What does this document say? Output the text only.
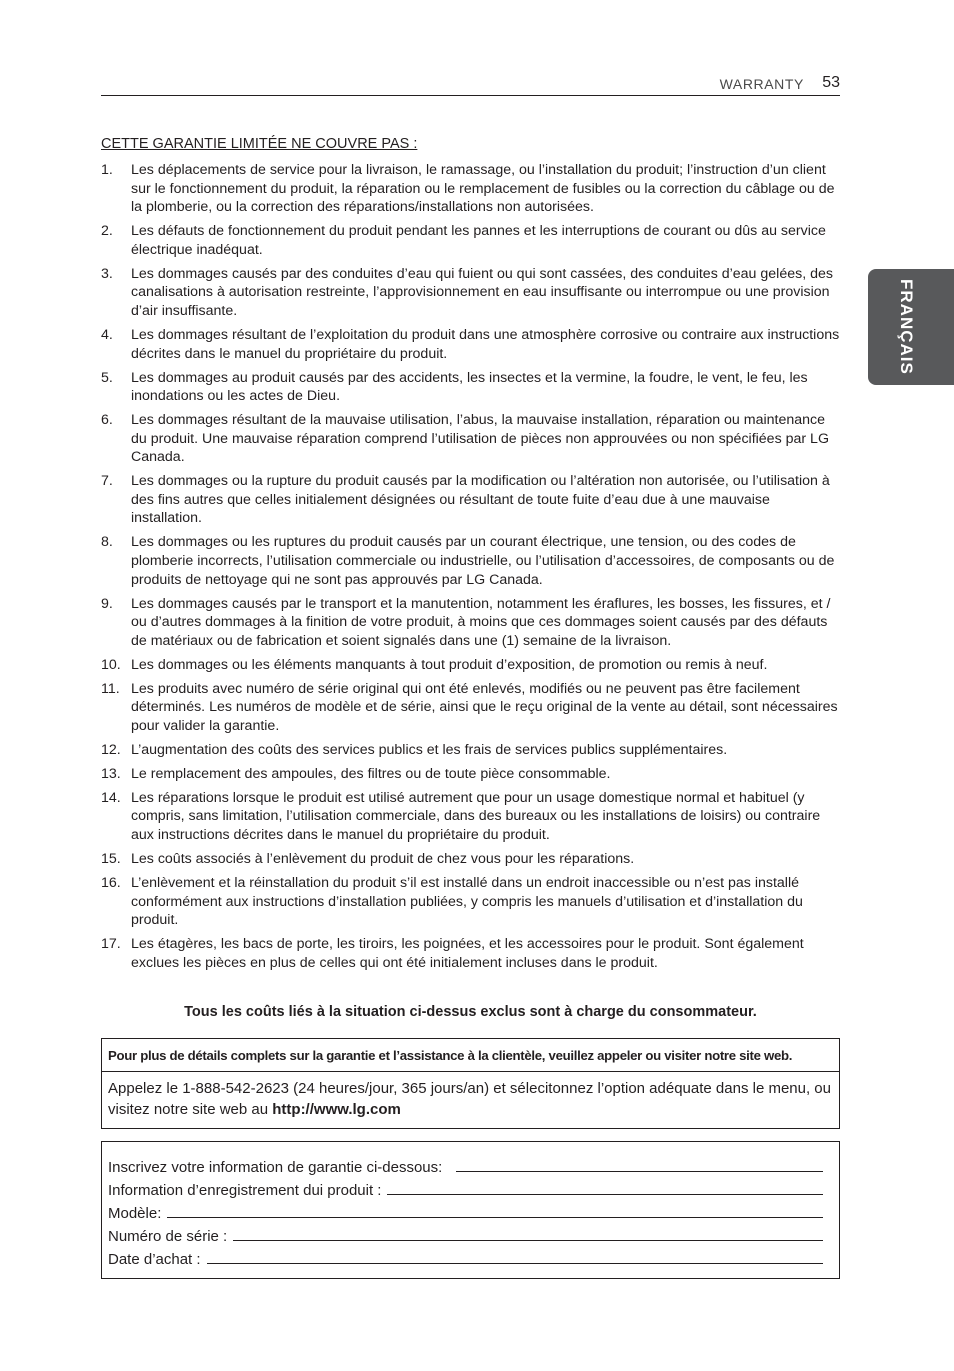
WARRANTY 53
FRANÇAIS
CETTE GARANTIE LIMITÉE NE COUVRE PAS :
1. Les déplacements de service pour la livraison, le ramassage, ou l’installation du produit; l’instruction d’un client sur le fonctionnement du produit, la réparation ou le remplacement de fusibles ou la correction du câblage ou de la plomberie, ou la correction des réparations/installations non autorisées.
2. Les défauts de fonctionnement du produit pendant les pannes et les interruptions de courant ou dûs au service électrique inadéquat.
3. Les dommages causés par des conduites d’eau qui fuient ou qui sont cassées, des conduites d’eau gelées, des canalisations à autorisation restreinte, l’approvisionnement en eau insuffisante ou interrompue ou une provision d’air insuffisante.
4. Les dommages résultant de l’exploitation du produit dans une atmosphère corrosive ou contraire aux instructions décrites dans le manuel du propriétaire du produit.
5. Les dommages au produit causés par des accidents, les insectes et la vermine, la foudre, le vent, le feu, les inondations ou les actes de Dieu.
6. Les dommages résultant de la mauvaise utilisation, l’abus, la mauvaise installation, réparation ou maintenance du produit. Une mauvaise réparation comprend l’utilisation de pièces non approuvées ou non spécifiées par LG Canada.
7. Les dommages ou la rupture du produit causés par la modification ou l’altération non autorisée, ou l’utilisation à des fins autres que celles initialement désignées ou résultant de toute fuite d’eau due à une mauvaise installation.
8. Les dommages ou les ruptures du produit causés par un courant électrique, une tension, ou des codes de plomberie incorrects, l’utilisation commerciale ou industrielle, ou l’utilisation d’accessoires, de composants ou de produits de nettoyage qui ne sont pas approuvés par LG Canada.
9. Les dommages causés par le transport et la manutention, notamment les éraflures, les bosses, les fissures, et / ou d’autres dommages à la finition de votre produit, à moins que ces dommages soient causés par des défauts de matériaux ou de fabrication et soient signalés dans une (1) semaine de la livraison.
10. Les dommages ou les éléments manquants à tout produit d’exposition, de promotion ou remis à neuf.
11. Les produits avec numéro de série original qui ont été enlevés, modifiés ou ne peuvent pas être facilement déterminés. Les numéros de modèle et de série, ainsi que le reçu original de la vente au détail, sont nécessaires pour valider la garantie.
12. L’augmentation des coûts des services publics et les frais de services publics supplémentaires.
13. Le remplacement des ampoules, des filtres ou de toute pièce consommable.
14. Les réparations lorsque le produit est utilisé autrement que pour un usage domestique normal et habituel (y compris, sans limitation, l’utilisation commerciale, dans des bureaux ou les installations de loisirs) ou contraire aux instructions décrites dans le manuel du propriétaire du produit.
15. Les coûts associés à l’enlèvement du produit de chez vous pour les réparations.
16. L’enlèvement et la réinstallation du produit s’il est installé dans un endroit inaccessible ou n’est pas installé conformément aux instructions d’installation publiées, y compris les manuels d’utilisation et d’installation du produit.
17. Les étagères, les bacs de porte, les tiroirs, les poignées, et les accessoires pour le produit. Sont également exclues les pièces en plus de celles qui ont été initialement incluses dans le produit.
Tous les coûts liés à la situation ci-dessus exclus sont à charge du consommateur.
Pour plus de détails complets sur la garantie et l’assistance à la clientèle, veuillez appeler ou visiter notre site web.
Appelez le 1-888-542-2623 (24 heures/jour, 365 jours/an) et sélecitonnez l’option adéquate dans le menu, ou visitez notre site web au http://www.lg.com
Inscrivez votre information de garantie ci-dessous:
Information d’enregistrement dui produit :
Modèle:
Numéro de série :
Date d’achat :
